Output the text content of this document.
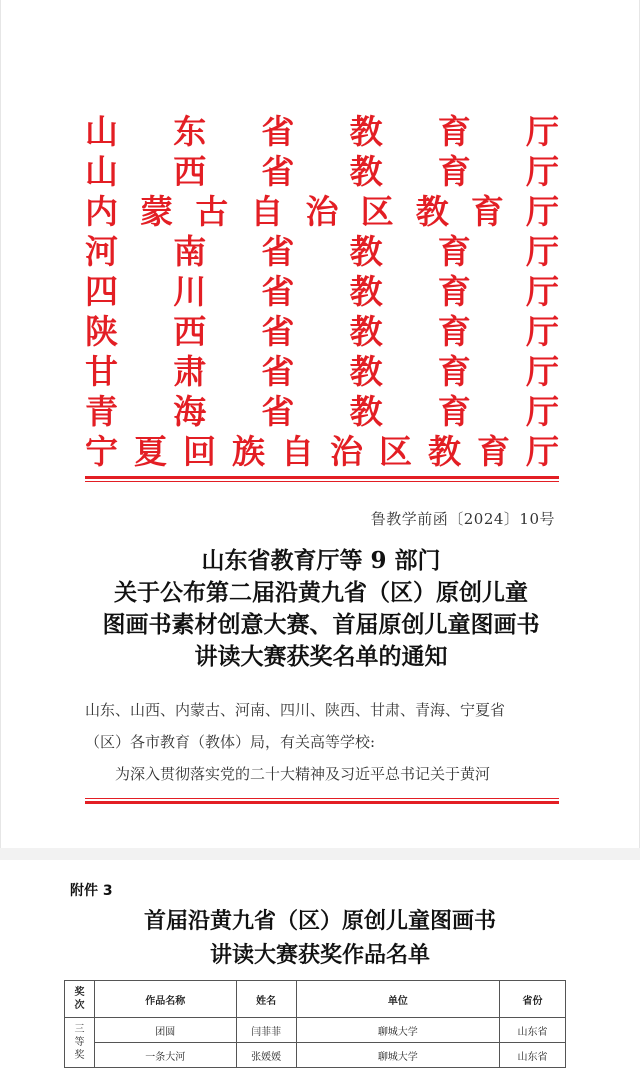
山 东 省 教 育 厅
山 西 省 教 育 厅
内 蒙 古 自 治 区 教 育 厅
河 南 省 教 育 厅
四 川 省 教 育 厅
陕 西 省 教 育 厅
甘 肃 省 教 育 厅
青 海 省 教 育 厅
宁 夏 回 族 自 治 区 教 育 厅
鲁教学前函〔2024〕10号
山东省教育厅等 9 部门
关于公布第二届沿黄九省（区）原创儿童
图画书素材创意大赛、首届原创儿童图画书
讲读大赛获奖名单的通知

山东、山西、内蒙古、河南、四川、陕西、甘肃、青海、宁夏省

（区）各市教育（教体）局，有关高等学校:

为深入贯彻落实党的二十大精神及习近平总书记关于黄河

附件 3
首届沿黄九省（区）原创儿童图画书
讲读大赛获奖作品名单
奖
次	作品名称	姓名	单位	省份
三
等
奖	团圆	闫菲菲	聊城大学	山东省
	一条大河	张媛媛	聊城大学	山东省
